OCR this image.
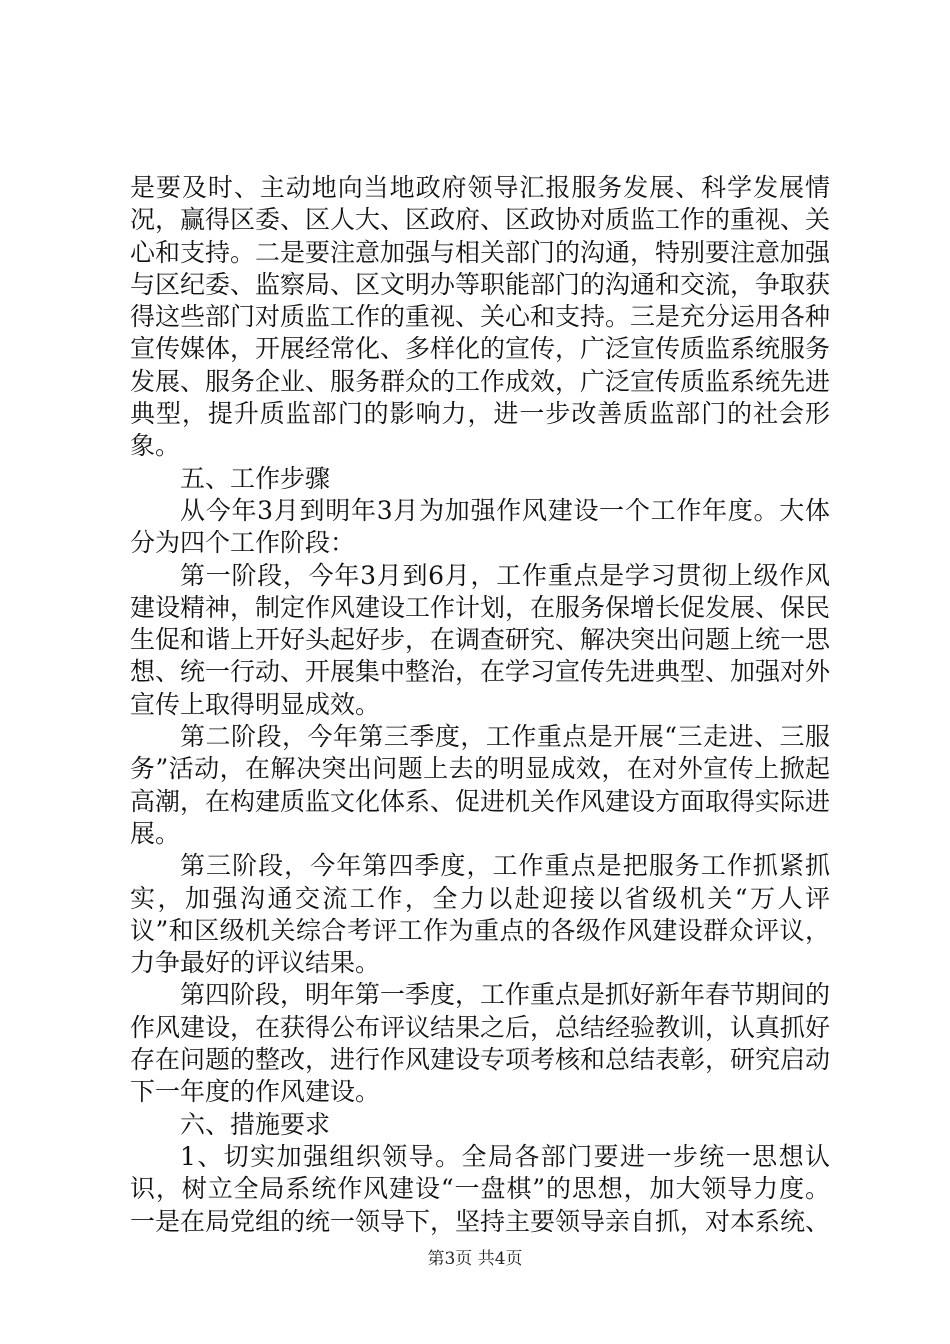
是要及时、主动地向当地政府领导汇报服务发展、科学发展情况，赢得区委、区人大、区政府、区政协对质监工作的重视、关心和支持。二是要注意加强与相关部门的沟通，特别要注意加强与区纪委、监察局、区文明办等职能部门的沟通和交流，争取获得这些部门对质监工作的重视、关心和支持。三是充分运用各种宣传媒体，开展经常化、多样化的宣传，广泛宣传质监系统服务发展、服务企业、服务群众的工作成效，广泛宣传质监系统先进典型，提升质监部门的影响力，进一步改善质监部门的社会形象。

五、工作步骤

从今年3月到明年3月为加强作风建设一个工作年度。大体分为四个工作阶段：

第一阶段，今年3月到6月，工作重点是学习贯彻上级作风建设精神，制定作风建设工作计划，在服务保增长促发展、保民生促和谐上开好头起好步，在调查研究、解决突出问题上统一思想、统一行动、开展集中整治，在学习宣传先进典型、加强对外宣传上取得明显成效。

第二阶段，今年第三季度，工作重点是开展“三走进、三服务”活动，在解决突出问题上去的明显成效，在对外宣传上掀起高潮，在构建质监文化体系、促进机关作风建设方面取得实际进展。

第三阶段，今年第四季度，工作重点是把服务工作抓紧抓实，加强沟通交流工作，全力以赴迎接以省级机关“万人评议”和区级机关综合考评工作为重点的各级作风建设群众评议，力争最好的评议结果。

第四阶段，明年第一季度，工作重点是抓好新年春节期间的作风建设，在获得公布评议结果之后，总结经验教训，认真抓好存在问题的整改，进行作风建设专项考核和总结表彰，研究启动下一年度的作风建设。

六、措施要求

1、切实加强组织领导。全局各部门要进一步统一思想认识，树立全局系统作风建设“一盘棋”的思想，加大领导力度。一是在局党组的统一领导下，坚持主要领导亲自抓，对本系统、

第3页 共4页
